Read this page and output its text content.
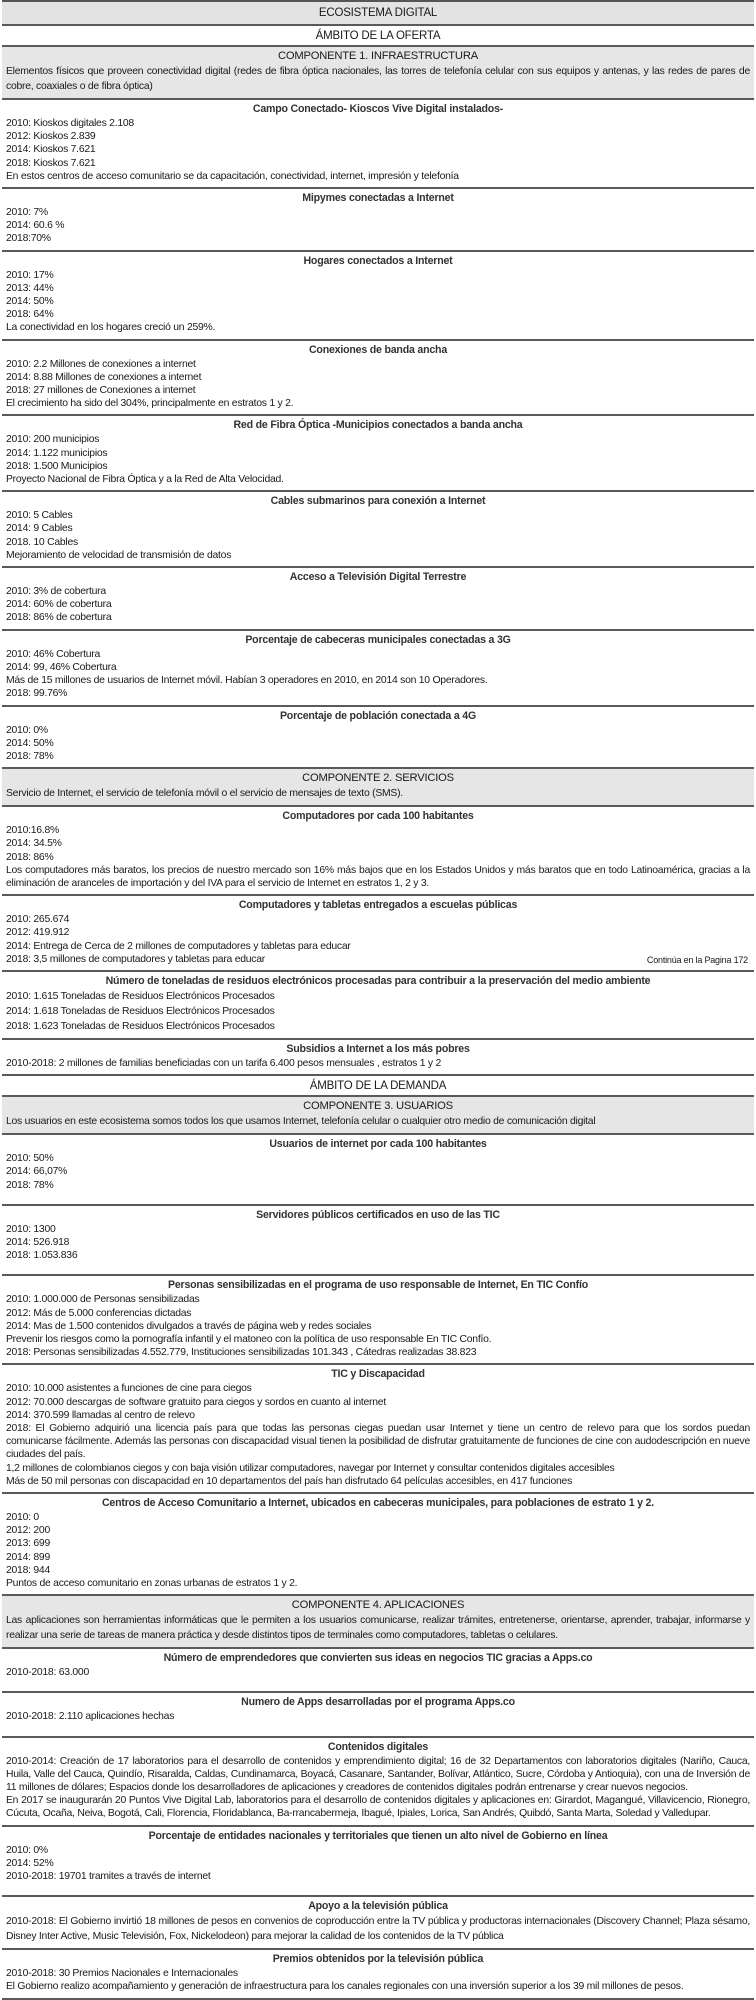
ECOSISTEMA DIGITAL
ÁMBITO DE LA OFERTA
COMPONENTE 1. INFRAESTRUCTURA
Elementos físicos que proveen conectividad digital (redes de fibra óptica nacionales, las torres de telefonía celular con sus equipos y antenas, y las redes de pares de cobre, coaxiales o de fibra óptica)
Campo Conectado- Kioscos Vive Digital instalados-
2010: Kioskos digitales 2.108
2012: Kioskos 2.839
2014: Kioskos 7.621
2018: Kioskos 7.621
En estos centros de acceso comunitario se da capacitación, conectividad, internet, impresión y telefonía
Mipymes conectadas a Internet
2010: 7%
2014: 60.6 %
2018:70%
Hogares conectados a Internet
2010: 17%
2013: 44%
2014: 50%
2018: 64%
La conectividad en los hogares creció un 259%.
Conexiones de banda ancha
2010: 2.2 Millones de conexiones a internet
2014: 8.88 Millones de conexiones a internet
2018: 27 millones de Conexiones a internet
El crecimiento ha sido del 304%, principalmente en estratos 1 y 2.
Red de Fibra Óptica -Municipios conectados a banda ancha
2010: 200 municipios
2014: 1.122 municipios
2018: 1.500 Municipios
Proyecto Nacional de Fibra Óptica y a la Red de Alta Velocidad.
Cables submarinos para conexión a Internet
2010: 5 Cables
2014: 9 Cables
2018. 10 Cables
Mejoramiento de velocidad de transmisión de datos
Acceso a Televisión Digital Terrestre
2010: 3% de cobertura
2014: 60% de cobertura
2018: 86% de cobertura
Porcentaje de cabeceras municipales conectadas a 3G
2010: 46% Cobertura
2014: 99, 46% Cobertura
Más de 15 millones de usuarios de Internet móvil. Habían 3 operadores en 2010, en 2014 son 10 Operadores.
2018: 99.76%
Porcentaje de población conectada a 4G
2010: 0%
2014: 50%
2018: 78%
COMPONENTE 2. SERVICIOS
Servicio de Internet, el servicio de telefonía móvil o el servicio de mensajes de texto (SMS).
Computadores por cada 100 habitantes
2010:16.8%
2014: 34.5%
2018: 86%
Los computadores más baratos, los precios de nuestro mercado son 16% más bajos que en los Estados Unidos y más baratos que en todo Latinoamérica, gracias a la eliminación de aranceles de importación y del IVA para el servicio de Internet en estratos 1, 2 y 3.
Computadores y tabletas entregados a escuelas públicas
2010: 265.674
2012: 419.912
2014: Entrega de Cerca de 2 millones de computadores y tabletas para educar
2018: 3,5 millones de computadores y tabletas para educar	Continúa en la Pagina 172
Número de toneladas de residuos electrónicos procesadas para contribuir a la preservación del medio ambiente
2010: 1.615 Toneladas de Residuos Electrónicos Procesados
2014: 1.618 Toneladas de Residuos Electrónicos Procesados
2018: 1.623 Toneladas de Residuos Electrónicos Procesados
Subsidios a Internet a los más pobres
2010-2018: 2 millones de familias beneficiadas con un tarifa 6.400 pesos mensuales , estratos 1 y 2
ÁMBITO DE LA DEMANDA
COMPONENTE 3. USUARIOS
Los usuarios en este ecosistema somos todos los que usamos Internet, telefonía celular o cualquier otro medio de comunicación digital
Usuarios de internet por cada 100 habitantes
2010: 50%
2014: 66,07%
2018: 78%
Servidores públicos certificados en uso de las TIC
2010: 1300
2014: 526.918
2018: 1.053.836
Personas sensibilizadas en el programa de uso responsable de Internet, En TIC Confío
2010: 1.000.000 de Personas sensibilizadas
2012: Más de 5.000 conferencias dictadas
2014: Mas de 1.500 contenidos divulgados a través de página web y redes sociales
Prevenir los riesgos como la pornografía infantil y el matoneo con la política de uso responsable En TIC Confío.
2018: Personas sensibilizadas 4.552.779, Instituciones sensibilizadas 101.343 , Cátedras realizadas 38.823
TIC y Discapacidad
2010: 10.000 asistentes a funciones de cine para ciegos
2012: 70.000 descargas de software gratuito para ciegos y sordos en cuanto al internet
2014: 370.599 llamadas al centro de relevo
2018: El Gobierno adquirió una licencia país para que todas las personas ciegas puedan usar Internet y tiene un centro de relevo para que los sordos puedan comunicarse fácilmente. Además las personas con discapacidad visual tienen la posibilidad de disfrutar gratuitamente de funciones de cine con audodescripción en nueve ciudades del país.
1,2 millones de colombianos ciegos y con baja visión utilizar computadores, navegar por Internet y consultar contenidos digitales accesibles
Más de 50 mil personas con discapacidad en 10 departamentos del país han disfrutado 64 películas accesibles, en 417 funciones
Centros de Acceso Comunitario a Internet, ubicados en cabeceras municipales, para poblaciones de estrato 1 y 2.
2010: 0
2012: 200
2013: 699
2014: 899
2018: 944
Puntos de acceso comunitario en zonas urbanas de estratos 1 y 2.
COMPONENTE 4. APLICACIONES
Las aplicaciones son herramientas informáticas que le permiten a los usuarios comunicarse, realizar trámites, entretenerse, orientarse, aprender, trabajar, informarse y realizar una serie de tareas de manera práctica y desde distintos tipos de terminales como computadores, tabletas o celulares.
Número de emprendedores que convierten sus ideas en negocios TIC gracias a Apps.co
2010-2018: 63.000
Numero de Apps desarrolladas por el programa Apps.co
2010-2018: 2.110 aplicaciones hechas
Contenidos digitales
2010-2014: Creación de 17 laboratorios para el desarrollo de contenidos y emprendimiento digital; 16 de 32 Departamentos con laboratorios digitales (Nariño, Cauca, Huila, Valle del Cauca, Quindío, Risaralda, Caldas, Cundinamarca, Boyacá, Casanare, Santander, Bolívar, Atlántico, Sucre, Córdoba y Antioquia), con una de Inversión de 11 millones de dólares; Espacios donde los desarrolladores de aplicaciones y creadores de contenidos digitales podrán entrenarse y crear nuevos negocios.
En 2017 se inaugurarán 20 Puntos Vive Digital Lab, laboratorios para el desarrollo de contenidos digitales y aplicaciones en: Girardot, Magangué, Villavicencio, Rionegro, Cúcuta, Ocaña, Neiva, Bogotá, Cali, Florencia, Floridablanca, Ba-rrancabermeja, Ibagué, Ipiales, Lorica, San Andrés, Quibdó, Santa Marta, Soledad y Valledupar.
Porcentaje de entidades nacionales y territoriales que tienen un alto nivel de Gobierno en línea
2010: 0%
2014: 52%
2010-2018: 19701 tramites a través de internet
Apoyo a la televisión pública
2010-2018: El Gobierno invirtió 18 millones de pesos en convenios de coproducción entre la TV pública y productoras internacionales (Discovery Channel; Plaza sésamo, Disney Inter Active, Music Televisión, Fox, Nickelodeon) para mejorar la calidad de los contenidos de la TV pública
Premios obtenidos por la televisión pública
2010-2018: 30 Premios Nacionales e Internacionales
El Gobierno realizo acompañamiento y generación de infraestructura para los canales regionales con una inversión superior a los 39 mil millones de pesos.
